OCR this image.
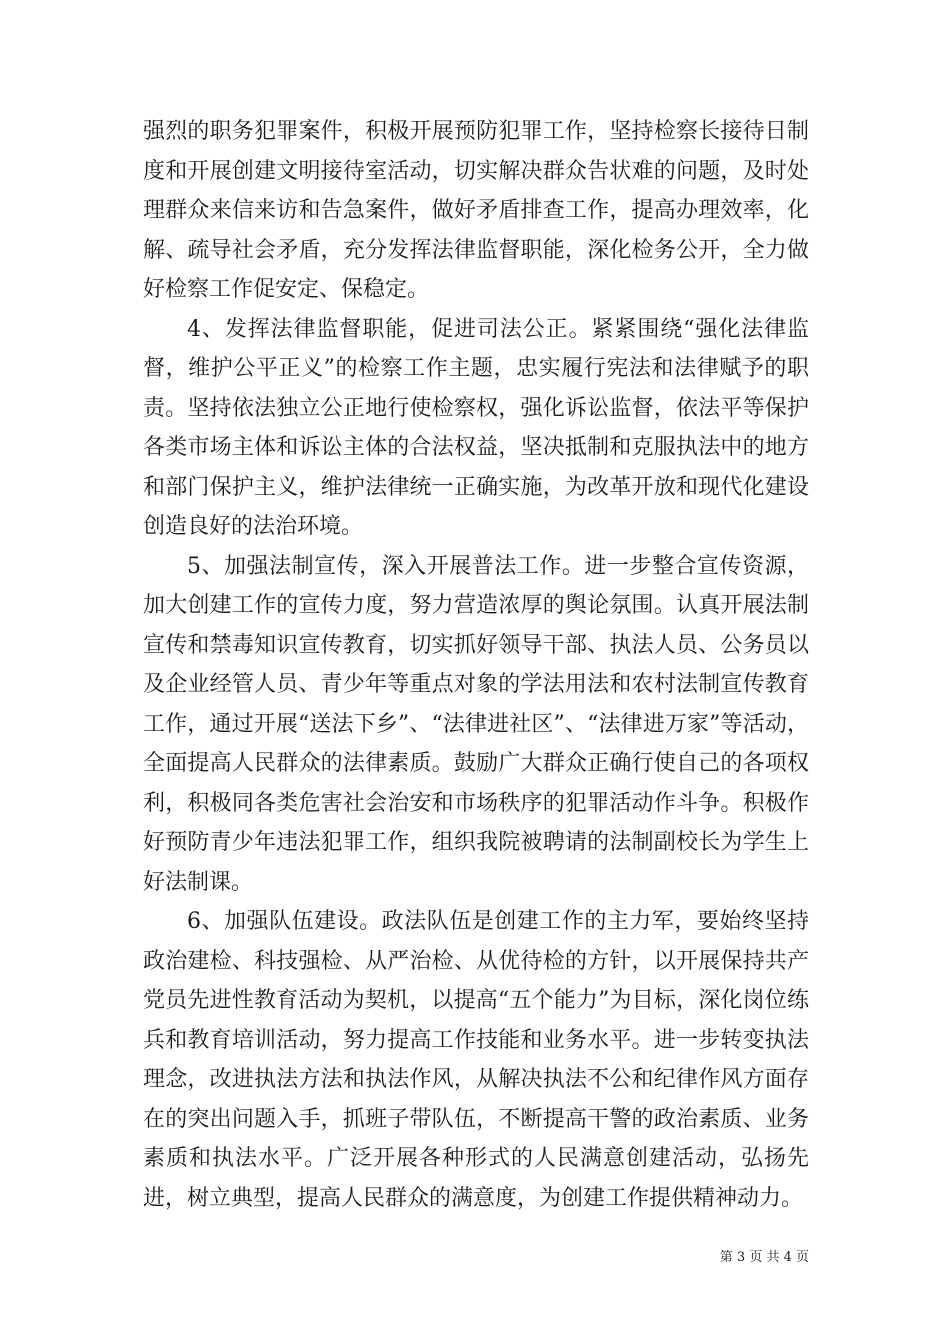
强烈的职务犯罪案件，积极开展预防犯罪工作，坚持检察长接待日制度和开展创建文明接待室活动，切实解决群众告状难的问题，及时处理群众来信来访和告急案件，做好矛盾排查工作，提高办理效率，化解、疏导社会矛盾，充分发挥法律监督职能，深化检务公开，全力做好检察工作促安定、保稳定。

4、发挥法律监督职能，促进司法公正。紧紧围绕“强化法律监督，维护公平正义”的检察工作主题，忠实履行宪法和法律赋予的职责。坚持依法独立公正地行使检察权，强化诉讼监督，依法平等保护各类市场主体和诉讼主体的合法权益，坚决抵制和克服执法中的地方和部门保护主义，维护法律统一正确实施，为改革开放和现代化建设创造良好的法治环境。

5、加强法制宣传，深入开展普法工作。进一步整合宣传资源，加大创建工作的宣传力度，努力营造浓厚的舆论氛围。认真开展法制宣传和禁毒知识宣传教育，切实抓好领导干部、执法人员、公务员以及企业经管人员、青少年等重点对象的学法用法和农村法制宣传教育工作，通过开展“送法下乡”、“法律进社区”、“法律进万家”等活动，全面提高人民群众的法律素质。鼓励广大群众正确行使自己的各项权利，积极同各类危害社会治安和市场秩序的犯罪活动作斗争。积极作好预防青少年违法犯罪工作，组织我院被聘请的法制副校长为学生上好法制课。

6、加强队伍建设。政法队伍是创建工作的主力军，要始终坚持政治建检、科技强检、从严治检、从优待检的方针，以开展保持共产党员先进性教育活动为契机，以提高“五个能力”为目标，深化岗位练兵和教育培训活动，努力提高工作技能和业务水平。进一步转变执法理念，改进执法方法和执法作风，从解决执法不公和纪律作风方面存在的突出问题入手，抓班子带队伍，不断提高干警的政治素质、业务素质和执法水平。广泛开展各种形式的人民满意创建活动，弘扬先进，树立典型，提高人民群众的满意度，为创建工作提供精神动力。

第 3 页 共 4 页
